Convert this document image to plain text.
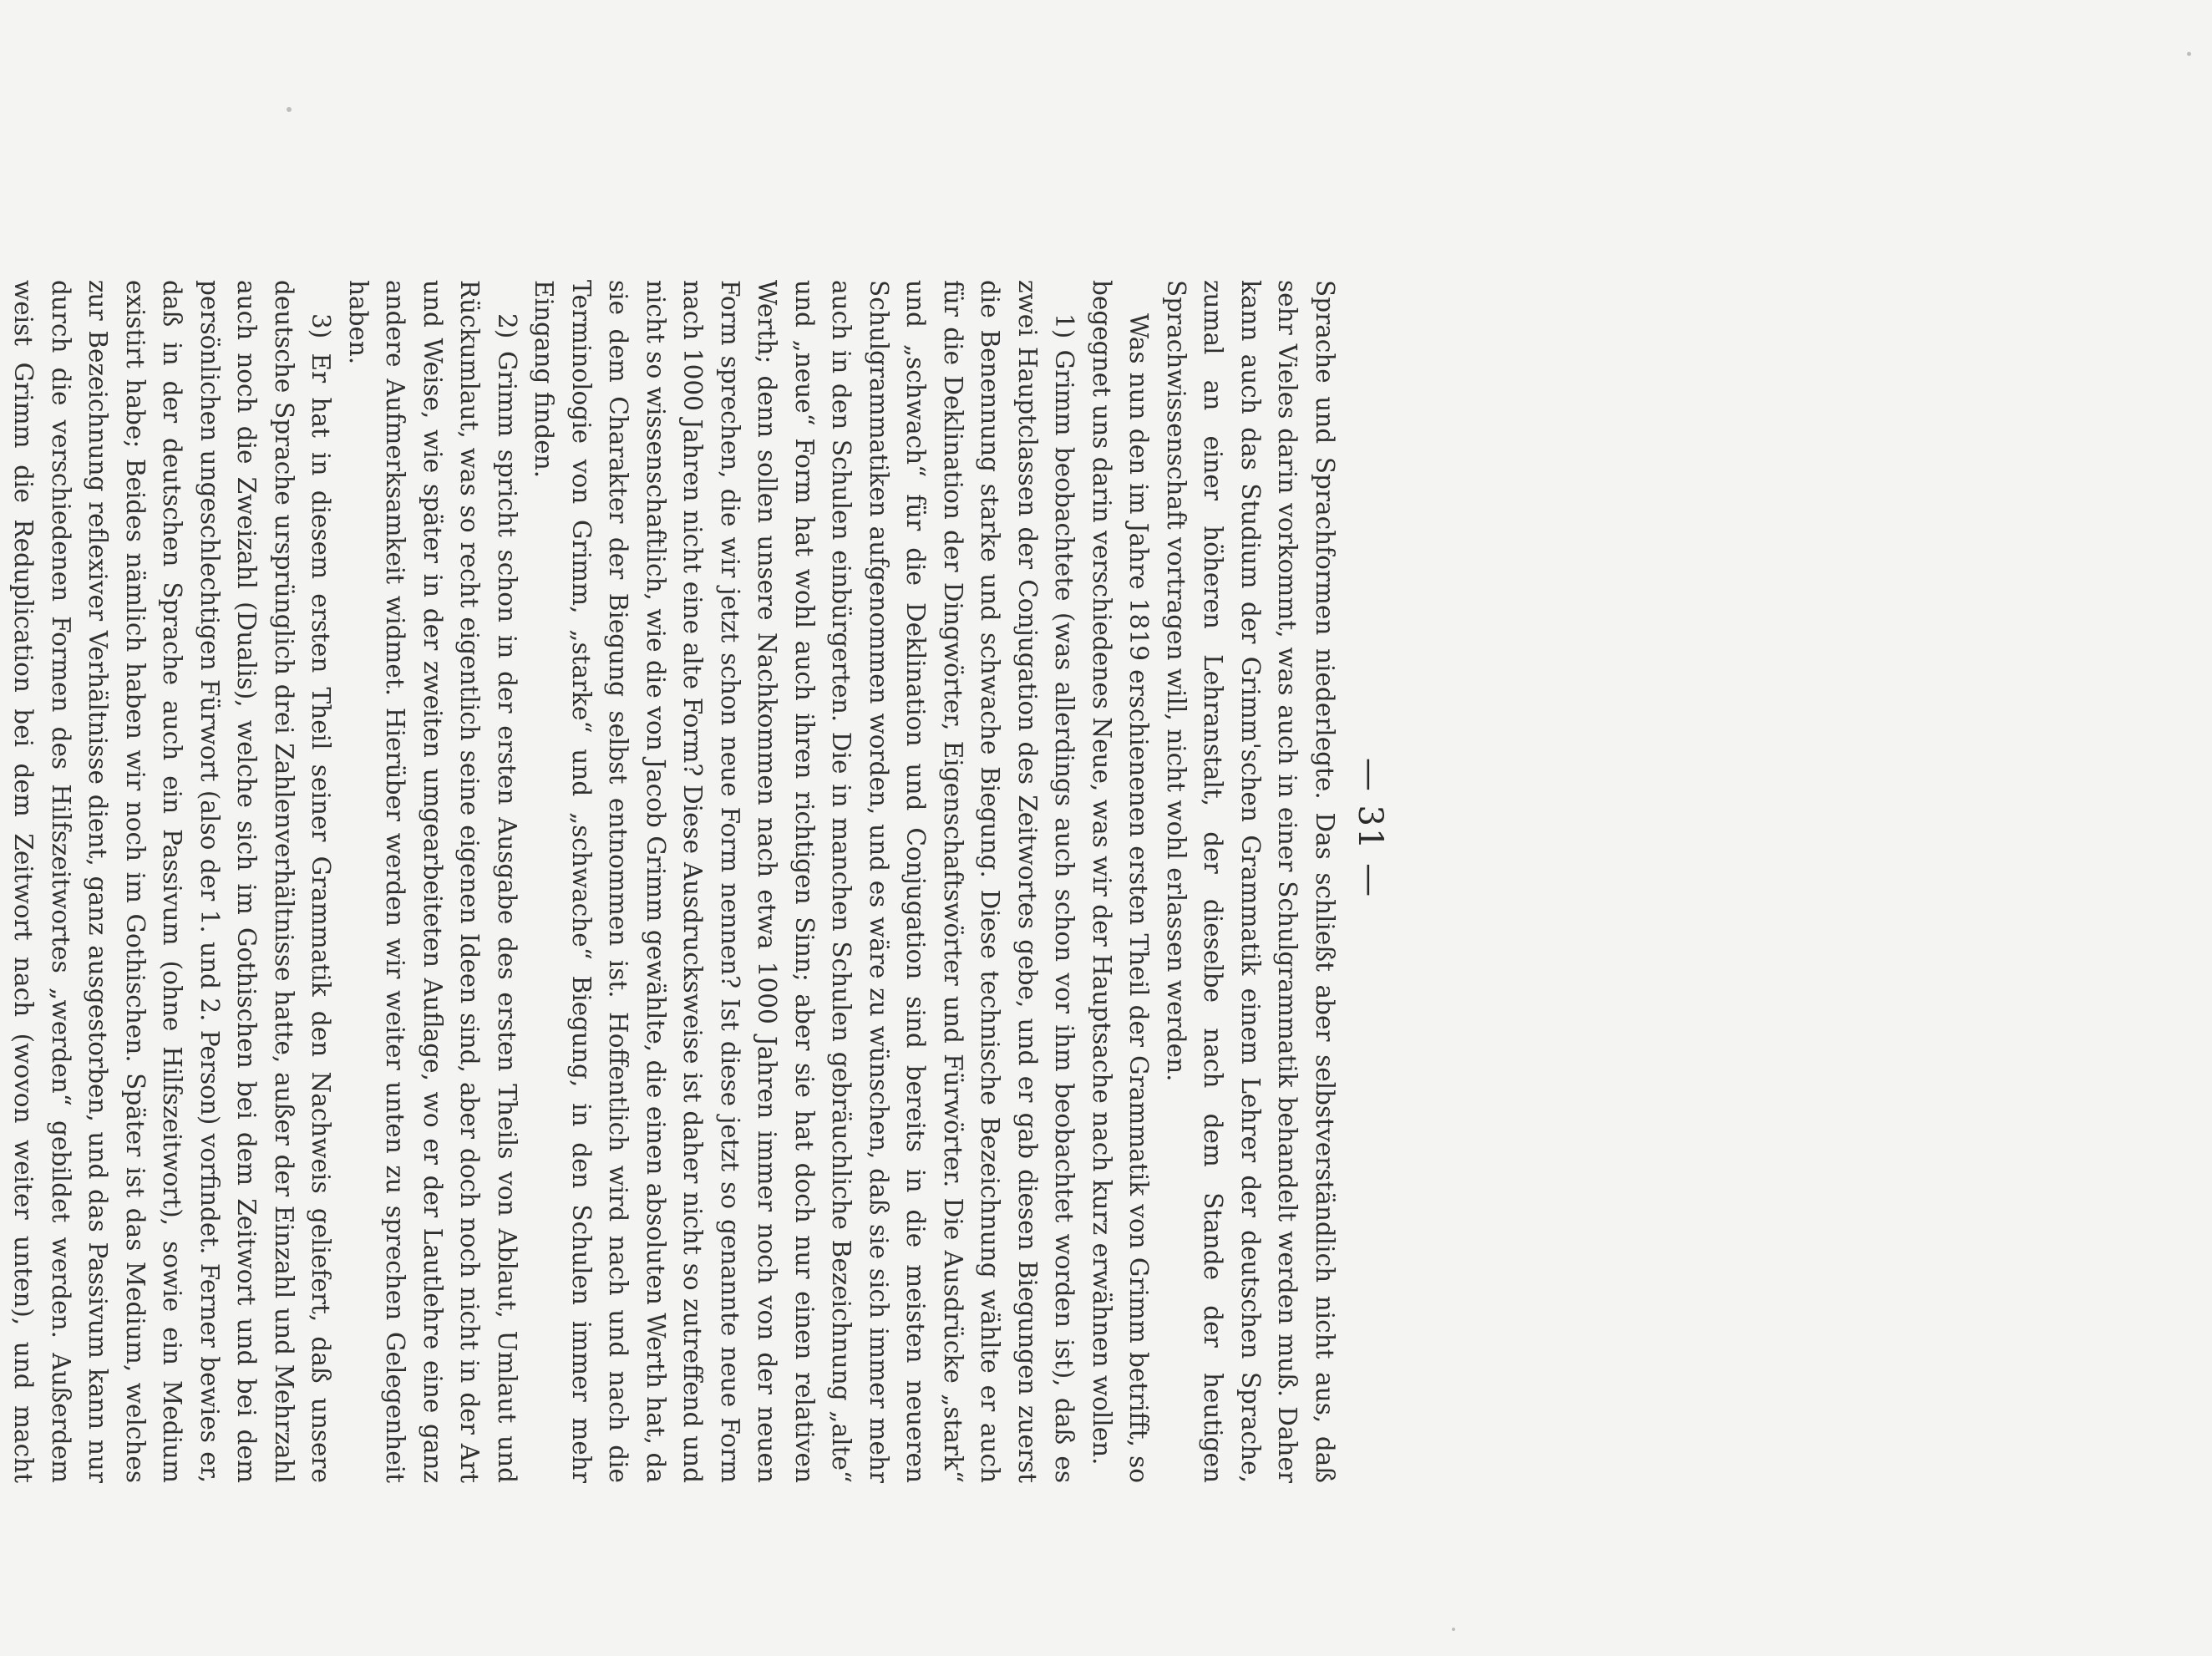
— 31 —

Sprache und Sprachformen niederlegte. Das schließt aber selbstverständlich nicht aus, daß sehr Vieles darin vorkommt, was auch in einer Schulgrammatik behandelt werden muß. Daher kann auch das Studium der Grimm'schen Grammatik einem Lehrer der deutschen Sprache, zumal an einer höheren Lehranstalt, der dieselbe nach dem Stande der heutigen Sprachwissenschaft vortragen will, nicht wohl erlassen werden.

Was nun den im Jahre 1819 erschienenen ersten Theil der Grammatik von Grimm betrifft, so begegnet uns darin verschiedenes Neue, was wir der Hauptsache nach kurz erwähnen wollen.

1) Grimm beobachtete (was allerdings auch schon vor ihm beobachtet worden ist), daß es zwei Hauptclassen der Conjugation des Zeitwortes gebe, und er gab diesen Biegungen zuerst die Benennung starke und schwache Biegung. Diese technische Bezeichnung wählte er auch für die Deklination der Dingwörter, Eigenschaftswörter und Fürwörter. Die Ausdrücke „stark“ und „schwach“ für die Deklination und Conjugation sind bereits in die meisten neueren Schulgrammatiken aufgenommen worden, und es wäre zu wünschen, daß sie sich immer mehr auch in den Schulen einbürgerten. Die in manchen Schulen gebräuchliche Bezeichnung „alte“ und „neue“ Form hat wohl auch ihren richtigen Sinn; aber sie hat doch nur einen relativen Werth; denn sollen unsere Nachkommen nach etwa 1000 Jahren immer noch von der neuen Form sprechen, die wir jetzt schon neue Form nennen? Ist diese jetzt so genannte neue Form nach 1000 Jahren nicht eine alte Form? Diese Ausdrucksweise ist daher nicht so zutreffend und nicht so wissenschaftlich, wie die von Jacob Grimm gewählte, die einen absoluten Werth hat, da sie dem Charakter der Biegung selbst entnommen ist. Hoffentlich wird nach und nach die Terminologie von Grimm, „starke“ und „schwache“ Biegung, in den Schulen immer mehr Eingang finden.

2) Grimm spricht schon in der ersten Ausgabe des ersten Theils von Ablaut, Umlaut und Rückumlaut, was so recht eigentlich seine eigenen Ideen sind, aber doch noch nicht in der Art und Weise, wie später in der zweiten umgearbeiteten Auflage, wo er der Lautlehre eine ganz andere Aufmerksamkeit widmet. Hierüber werden wir weiter unten zu sprechen Gelegenheit haben.

3) Er hat in diesem ersten Theil seiner Grammatik den Nachweis geliefert, daß unsere deutsche Sprache ursprünglich drei Zahlenverhältnisse hatte, außer der Einzahl und Mehrzahl auch noch die Zweizahl (Dualis), welche sich im Gothischen bei dem Zeitwort und bei dem persönlichen ungeschlechtigen Fürwort (also der 1. und 2. Person) vorfindet. Ferner bewies er, daß in der deutschen Sprache auch ein Passivum (ohne Hilfszeitwort), sowie ein Medium existirt habe; Beides nämlich haben wir noch im Gothischen. Später ist das Medium, welches zur Bezeichnung reflexiver Verhältnisse dient, ganz ausgestorben, und das Passivum kann nur durch die verschiedenen Formen des Hilfszeitwortes „werden“ gebildet werden. Außerdem weist Grimm die Reduplication bei dem Zeitwort nach (wovon weiter unten), und macht
